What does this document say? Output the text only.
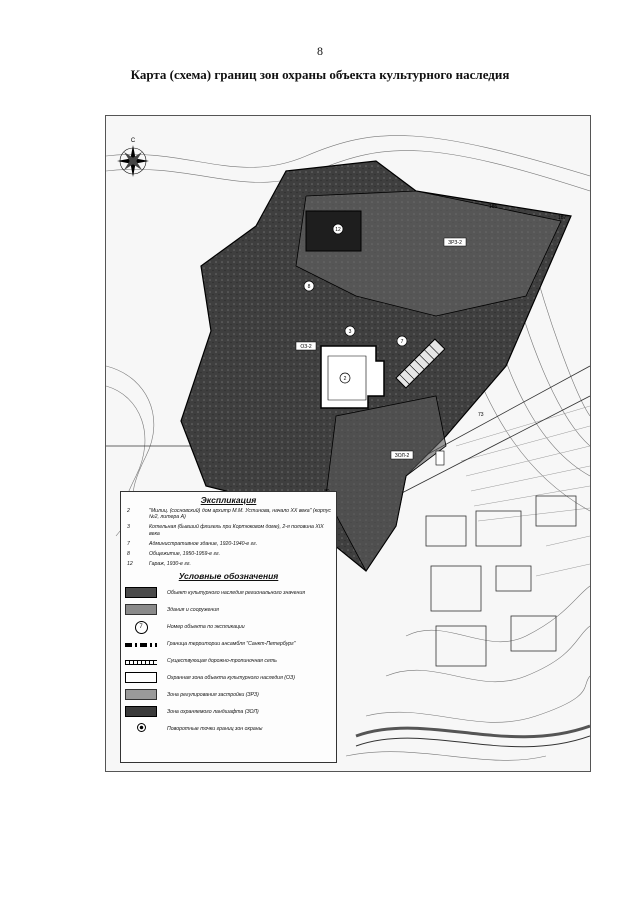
8
Карта (схема) границ зон охраны объекта культурного наследия
12
8
3
7
2
ЗРЗ-2
ОЗ-2
ЗОЛ-2
186
187
73
С
Экспликация
2	"Милиц. (сосновский) дом архитр М.М. Устинова, начало XX века" (корпус №2, литера А)
3	Котельная (бывший флигель при Кортюковом доме), 2-я половина XIX века
7	Административное здание, 1920-1940-е гг.
8	Общежитие, 1950-1959-е гг.
12	Гараж, 1930-е гг.
Условные обозначения
Объект культурного наследия регионального значения
Здания и сооружения
7	Номер объекта по экспликации
Граница территории ансамбля "Санкт-Петербург"
Существующая дорожно-тропиночная сеть
Охранная зона объекта культурного наследия (ОЗ)
Зона регулирования застройки (ЗРЗ)
Зона охраняемого ландшафта (ЗОЛ)
Поворотные точки границ зон охраны
